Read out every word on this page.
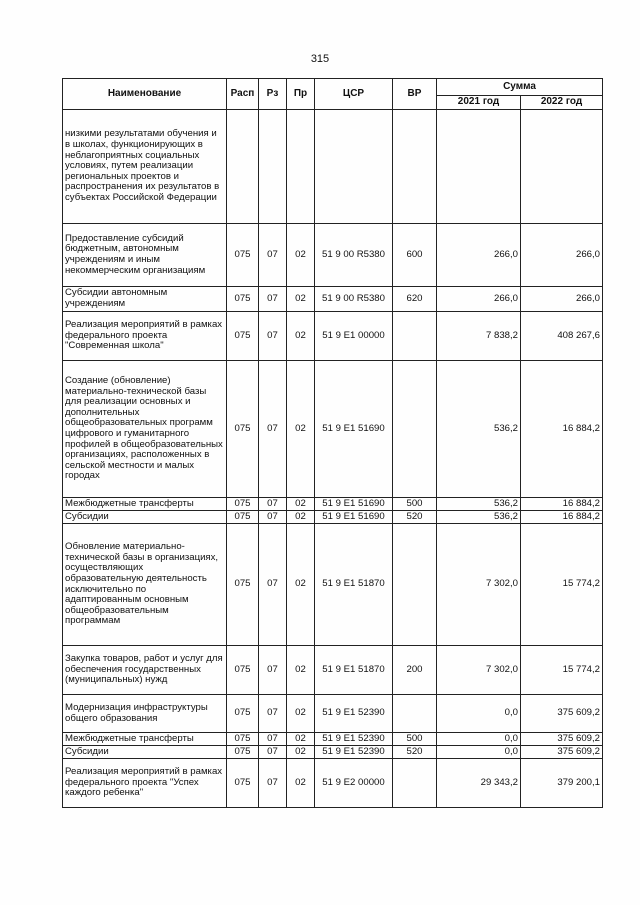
315
Наименование	Расп	Рз	Пр	ЦСР	ВР	Сумма	
						2021 год	2022 год
низкими результатами обучения и в школах, функционирующих в неблагоприятных социальных условиях, путем реализации региональных проектов и распространения их результатов в субъектах Российской Федерации							
Предоставление субсидий бюджетным, автономным учреждениям и иным некоммерческим организациям	075	07	02	51 9 00 R5380	600	266,0	266,0
Субсидии автономным учреждениям	075	07	02	51 9 00 R5380	620	266,0	266,0
Реализация мероприятий в рамках федерального проекта "Современная школа"	075	07	02	51 9 E1 00000		7 838,2	408 267,6
Создание (обновление) материально-технической базы для реализации основных и дополнительных общеобразовательных программ цифрового и гуманитарного профилей в общеобразовательных организациях, расположенных в сельской местности и малых городах	075	07	02	51 9 E1 51690		536,2	16 884,2
Межбюджетные трансферты	075	07	02	51 9 E1 51690	500	536,2	16 884,2
Субсидии	075	07	02	51 9 E1 51690	520	536,2	16 884,2
Обновление материально-технической базы в организациях, осуществляющих образовательную деятельность исключительно по адаптированным основным общеобразовательным программам	075	07	02	51 9 E1 51870		7 302,0	15 774,2
Закупка товаров, работ и услуг для обеспечения государственных (муниципальных) нужд	075	07	02	51 9 E1 51870	200	7 302,0	15 774,2
Модернизация инфраструктуры общего образования	075	07	02	51 9 E1 52390		0,0	375 609,2
Межбюджетные трансферты	075	07	02	51 9 E1 52390	500	0,0	375 609,2
Субсидии	075	07	02	51 9 E1 52390	520	0,0	375 609,2
Реализация мероприятий в рамках федерального проекта "Успех каждого ребенка"	075	07	02	51 9 E2 00000		29 343,2	379 200,1
